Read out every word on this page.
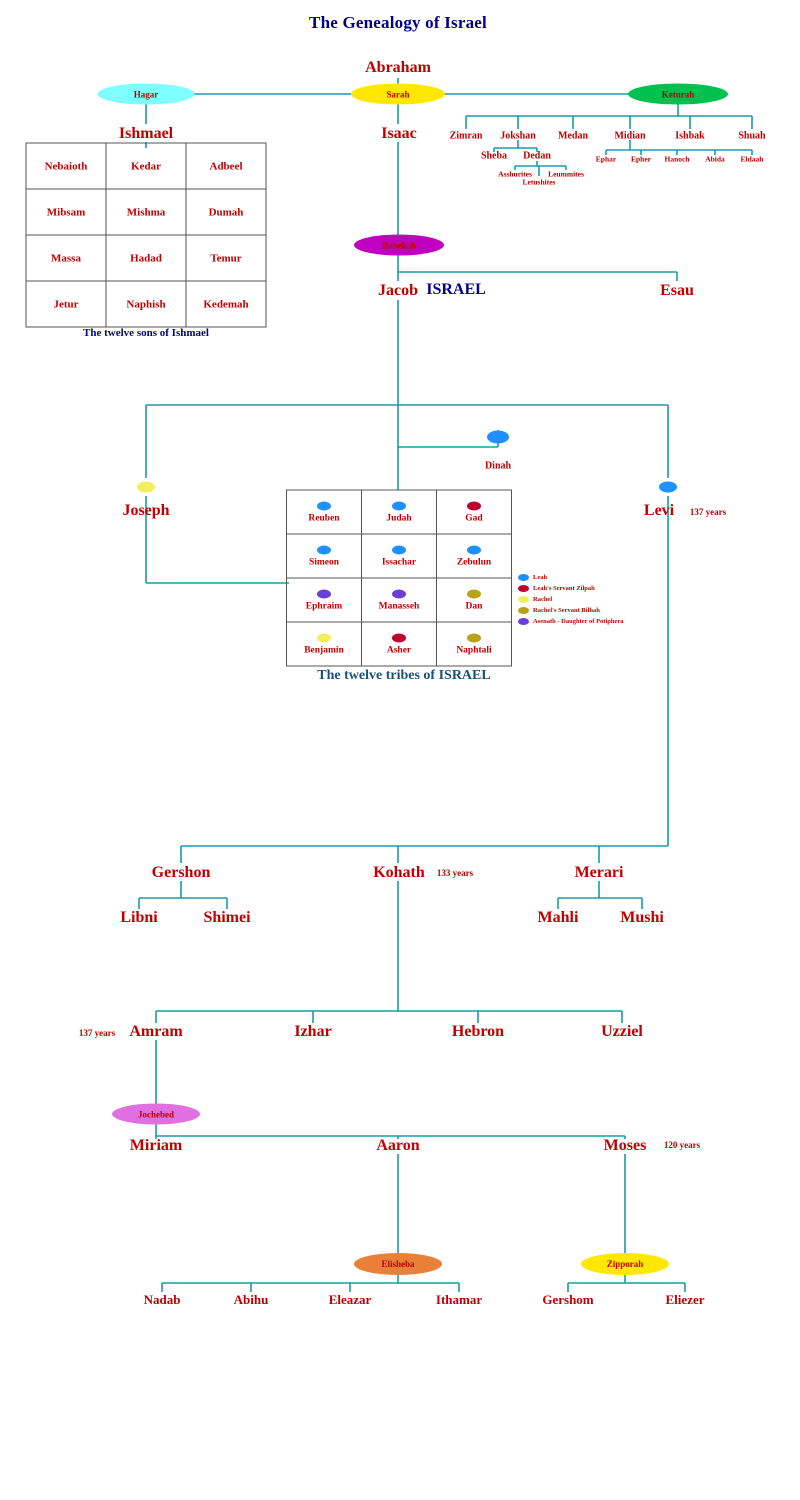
The Genealogy of Israel
Abraham
Hagar	Sarah	Keturah
Ishmael	Isaac	Zimran Jokshan Medan	Midian	Ishbak	Shuah
Sheba Dedan
Asshurites
Letushites
Leummites
Ephar Epher Hanoch Abida Eldaah
Nebaioth	Kedar	Adbeel
Mibsam	Mishma	Dumah
Massa	Hadad	Temur
Jetur	Naphish	Kedemah
The twelve sons of Ishmael
Rebekah
Jacob ISRAEL	Esau
Dinah
Joseph	Levi 137 years
Reuben	Judah	Gad

Simeon	Issachar	Zebulun

Ephraim	Manasseh	Dan

Benjamin	Asher	Naphtali
The twelve tribes of ISRAEL
Leah
Leah's Servant Zilpah
Rachel
Rachel's Servant Bilhah
Asenath - Daughter of Potiphera
Gershon	Kohath 133 years	Merari
Libni	Shimei	Mahli	Mushi
137 years Amram	Izhar	Hebron	Uzziel
Jochebed
Miriam	Aaron	Moses 120 years
Elisheba	Zipporah
Nadab	Abihu	Eleazar	Ithamar	Gershom	Eliezer
